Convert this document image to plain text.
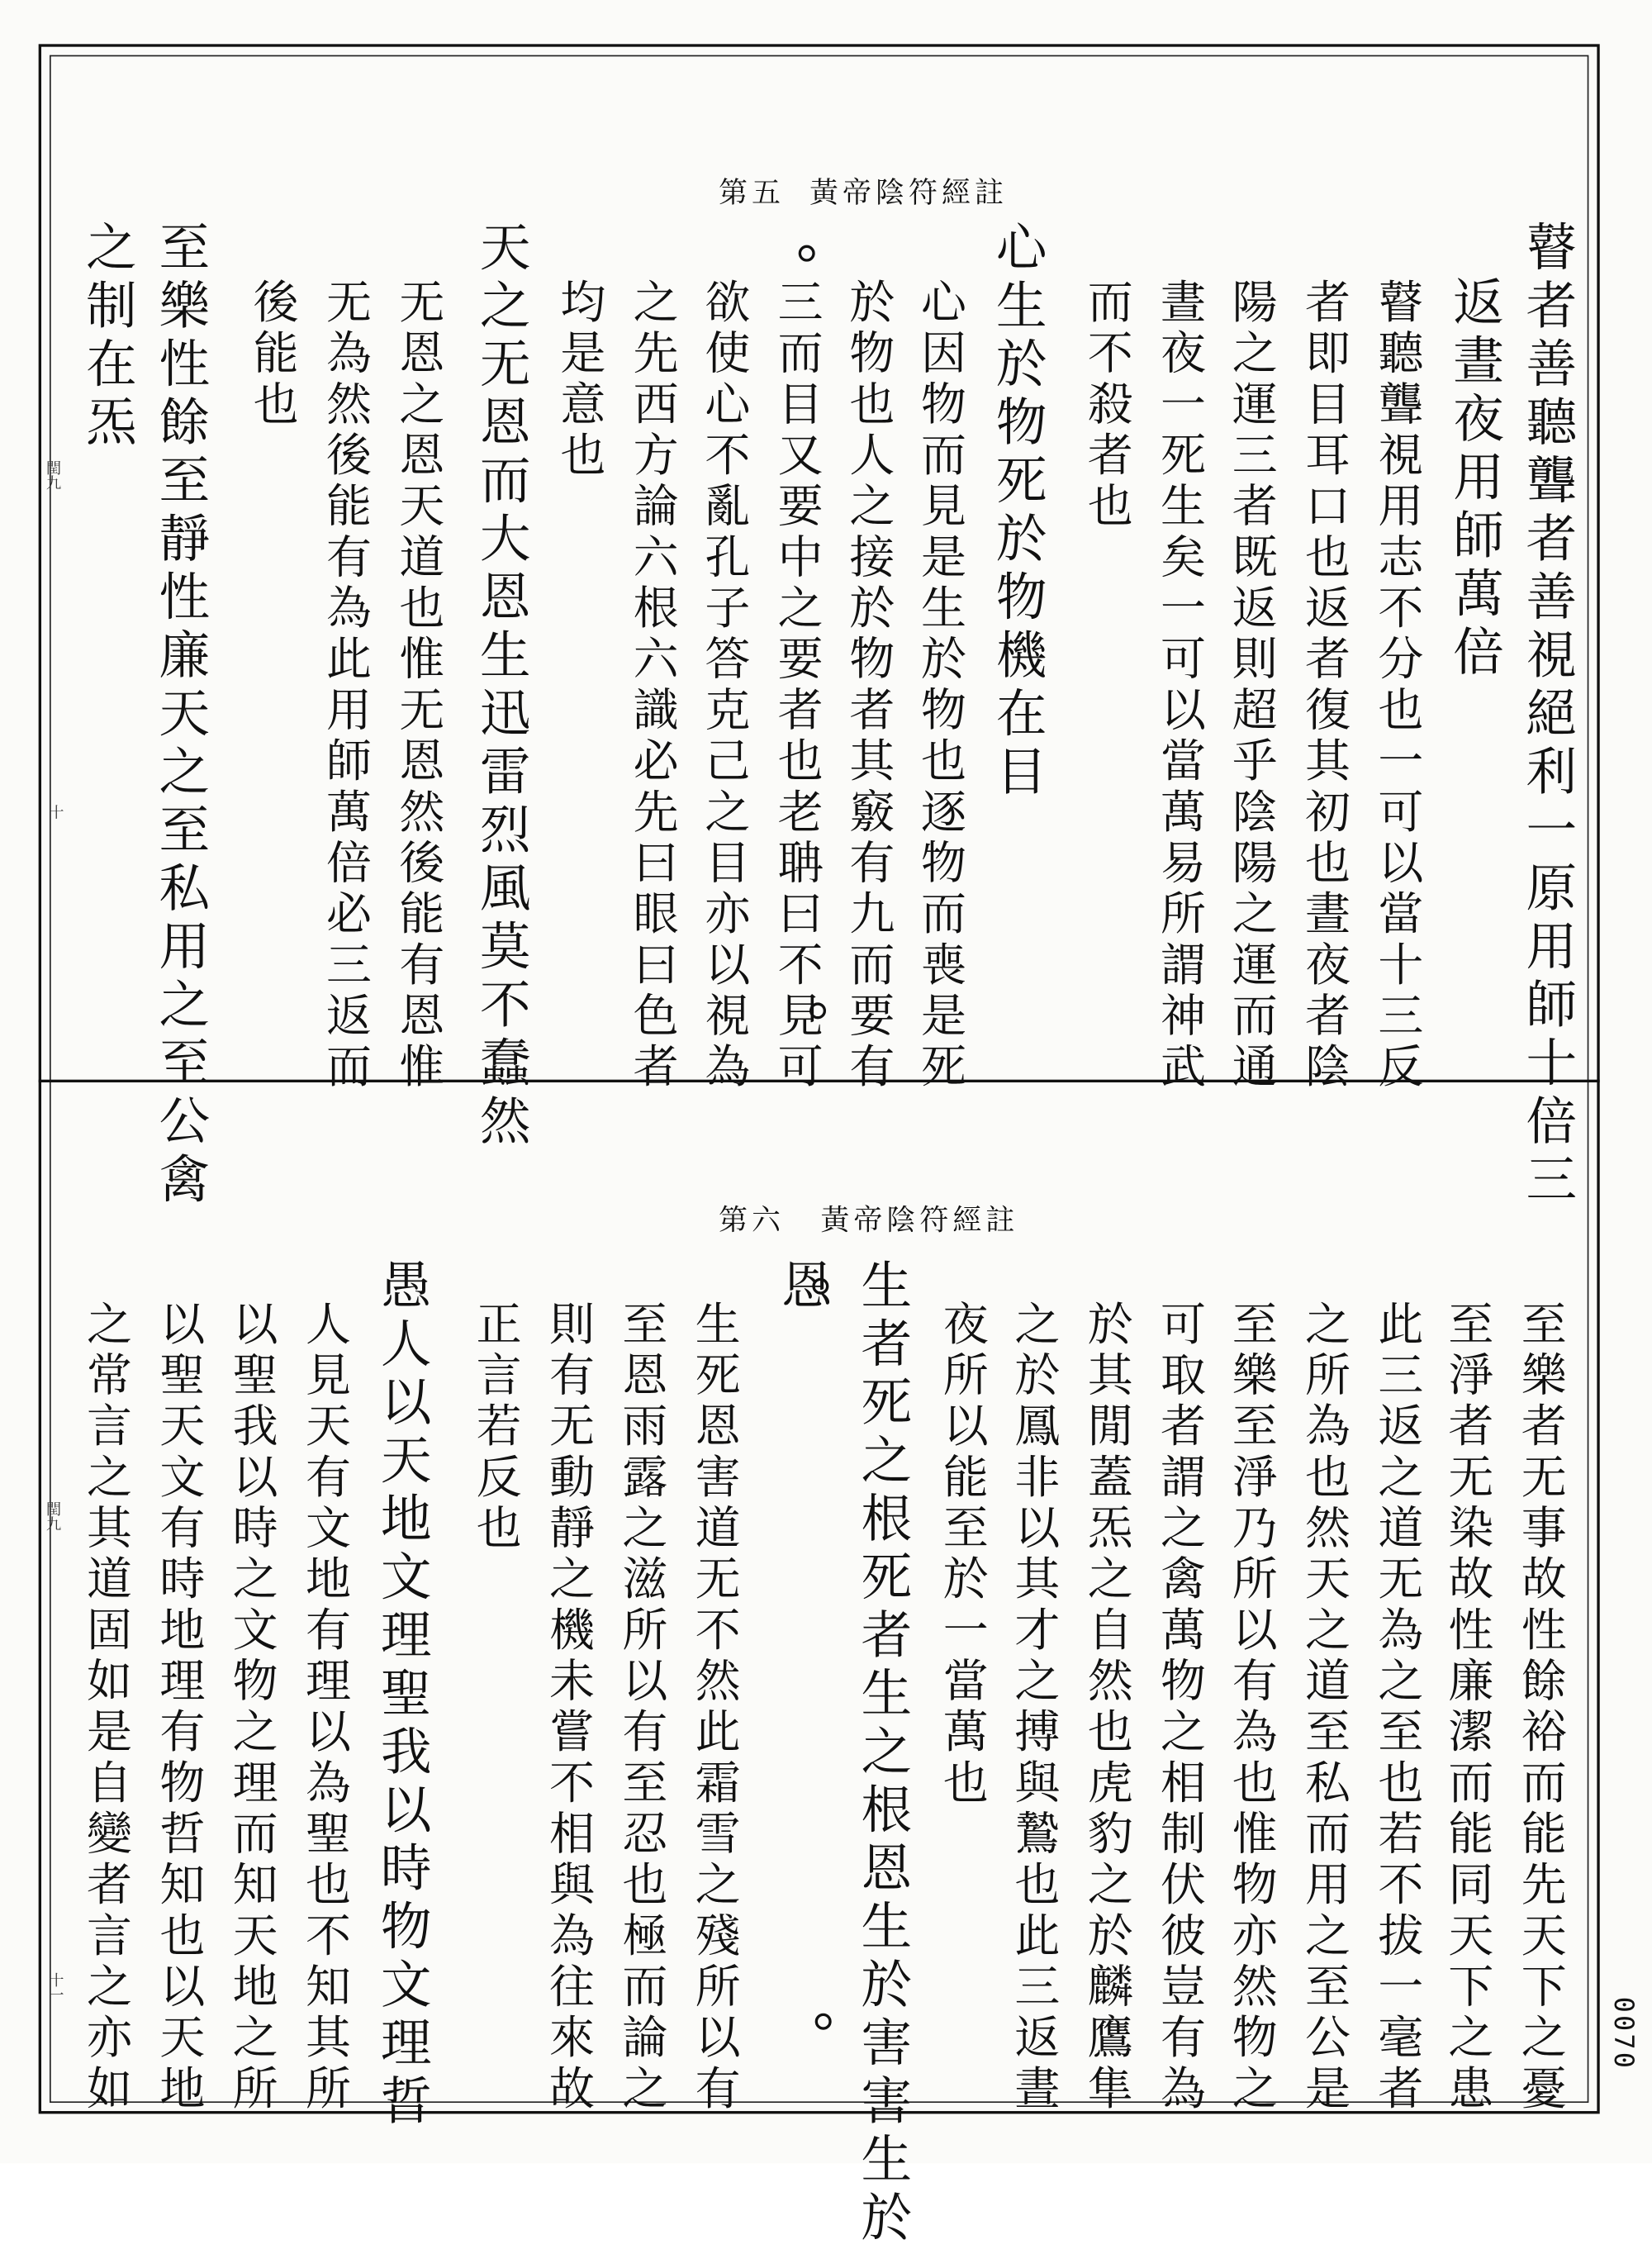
黃帝陰符經註
第五
瞽者善聽聾者善視絕利一原用師十倍三
返晝夜用師萬倍
瞽聽聾視用志不分也一可以當十三反
者即目耳口也返者復其初也晝夜者陰
陽之運三者既返則超乎陰陽之運而通
晝夜一死生矣一可以當萬易所謂神武
而不殺者也
心生於物死於物機在目
心因物而見是生於物也逐物而喪是死
於物也人之接於物者其竅有九而要有
三而目又要中之要者也老聃曰不見可
欲使心不亂孔子答克己之目亦以視為
之先西方論六根六識必先曰眼曰色者
均是意也
天之无恩而大恩生迅雷烈風莫不蠢然
无恩之恩天道也惟无恩然後能有恩惟
无為然後能有為此用師萬倍必三返而
後能也
至樂性餘至靜性廉天之至私用之至公禽
之制在炁
閏九
十
黃帝陰符經註
第六
至樂者无事故性餘裕而能先天下之憂
至淨者无染故性廉潔而能同天下之患
此三返之道无為之至也若不拔一毫者
之所為也然天之道至私而用之至公是
至樂至淨乃所以有為也惟物亦然物之
可取者謂之禽萬物之相制伏彼豈有為
於其閒蓋炁之自然也虎豹之於麟鷹隼
之於鳳非以其才之搏與鷙也此三返晝
夜所以能至於一當萬也
生者死之根死者生之根恩生於害害生於
恩
生死恩害道无不然此霜雪之殘所以有
至恩雨露之滋所以有至忍也極而論之
則有无動靜之機未嘗不相與為往來故
正言若反也
愚人以天地文理聖我以時物文理哲
人見天有文地有理以為聖也不知其所
以聖我以時之文物之理而知天地之所
以聖天文有時地理有物哲知也以天地
之常言之其道固如是自變者言之亦如
閏九
十一
0070
